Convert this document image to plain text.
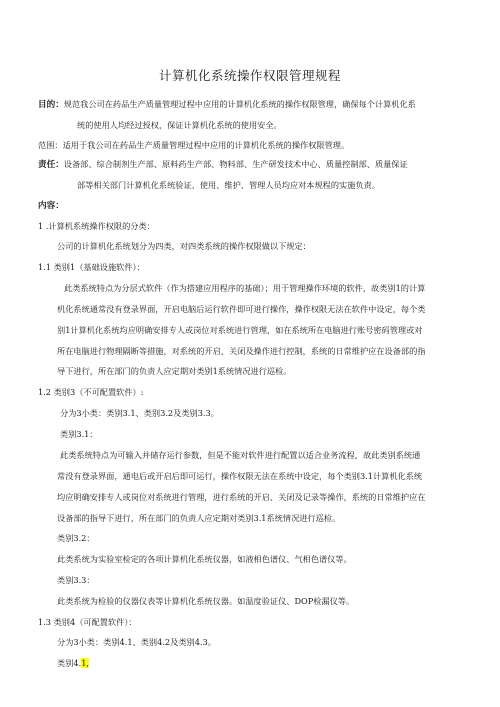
计算机化系统操作权限管理规程
目的：规范我公司在药品生产质量管理过程中应用的计算机化系统的操作权限管理，确保每个计算机化系
统的使用人均经过授权，保证计算机化系统的使用安全。
范围：适用于我公司在药品生产质量管理过程中应用的计算机化系统的操作权限管理。
责任：设备部、综合制剂生产部、原料药生产部、物料部、生产研发技术中心、质量控制部、质量保证
部等相关部门计算机化系统验证、使用、维护、管理人员均应对本规程的实施负责。
内容：
1 .计算机系统操作权限的分类：
公司的计算机化系统划分为四类，对四类系统的操作权限做以下规定：
1.1 类别1（基础设施软件）：
此类系统特点为分层式软件（作为搭建应用程序的基础）；用于管理操作环境的软件，故类别1的计算
机化系统通常没有登录界面，开启电脑后运行软件即可进行操作，操作权限无法在软件中设定，每个类
别1计算机化系统均应明确安排专人或岗位对系统进行管理，如在系统所在电脑进行账号密码管理或对
所在电脑进行物理隔断等措施，对系统的开启、关闭及操作进行控制，系统的日常维护应在设备部的指
导下进行，所在部门的负责人应定期对类别1系统情况进行巡检。
1.2 类别3（不可配置软件）:
分为3小类：类别3.1、类别3.2及类别3.3。
类别3.1：
此类系统特点为可输入并储存运行参数，但是不能对软件进行配置以适合业务流程，故此类别系统通
常没有登录界面，通电后或开启后即可运行，操作权限无法在系统中设定，每个类别3.1计算机化系统
均应明确安排专人或岗位对系统进行管理，进行系统的开启、关闭及记录等操作，系统的日常维护应在
设备部的指导下进行，所在部门的负责人应定期对类别3.1系统情况进行巡检。
类别3.2：
此类系统为实验室检定的各项计算机化系统仪器，如液相色谱仪、气相色谱仪等。
类别3.3：
此类系统为检验的仪器仪表等计算机化系统仪器。如温度验证仪、DOP检漏仪等。
1.3 类别4（可配置软件）：
分为3小类：类别4.1、类别4.2及类别4.3。
类别4.1,
